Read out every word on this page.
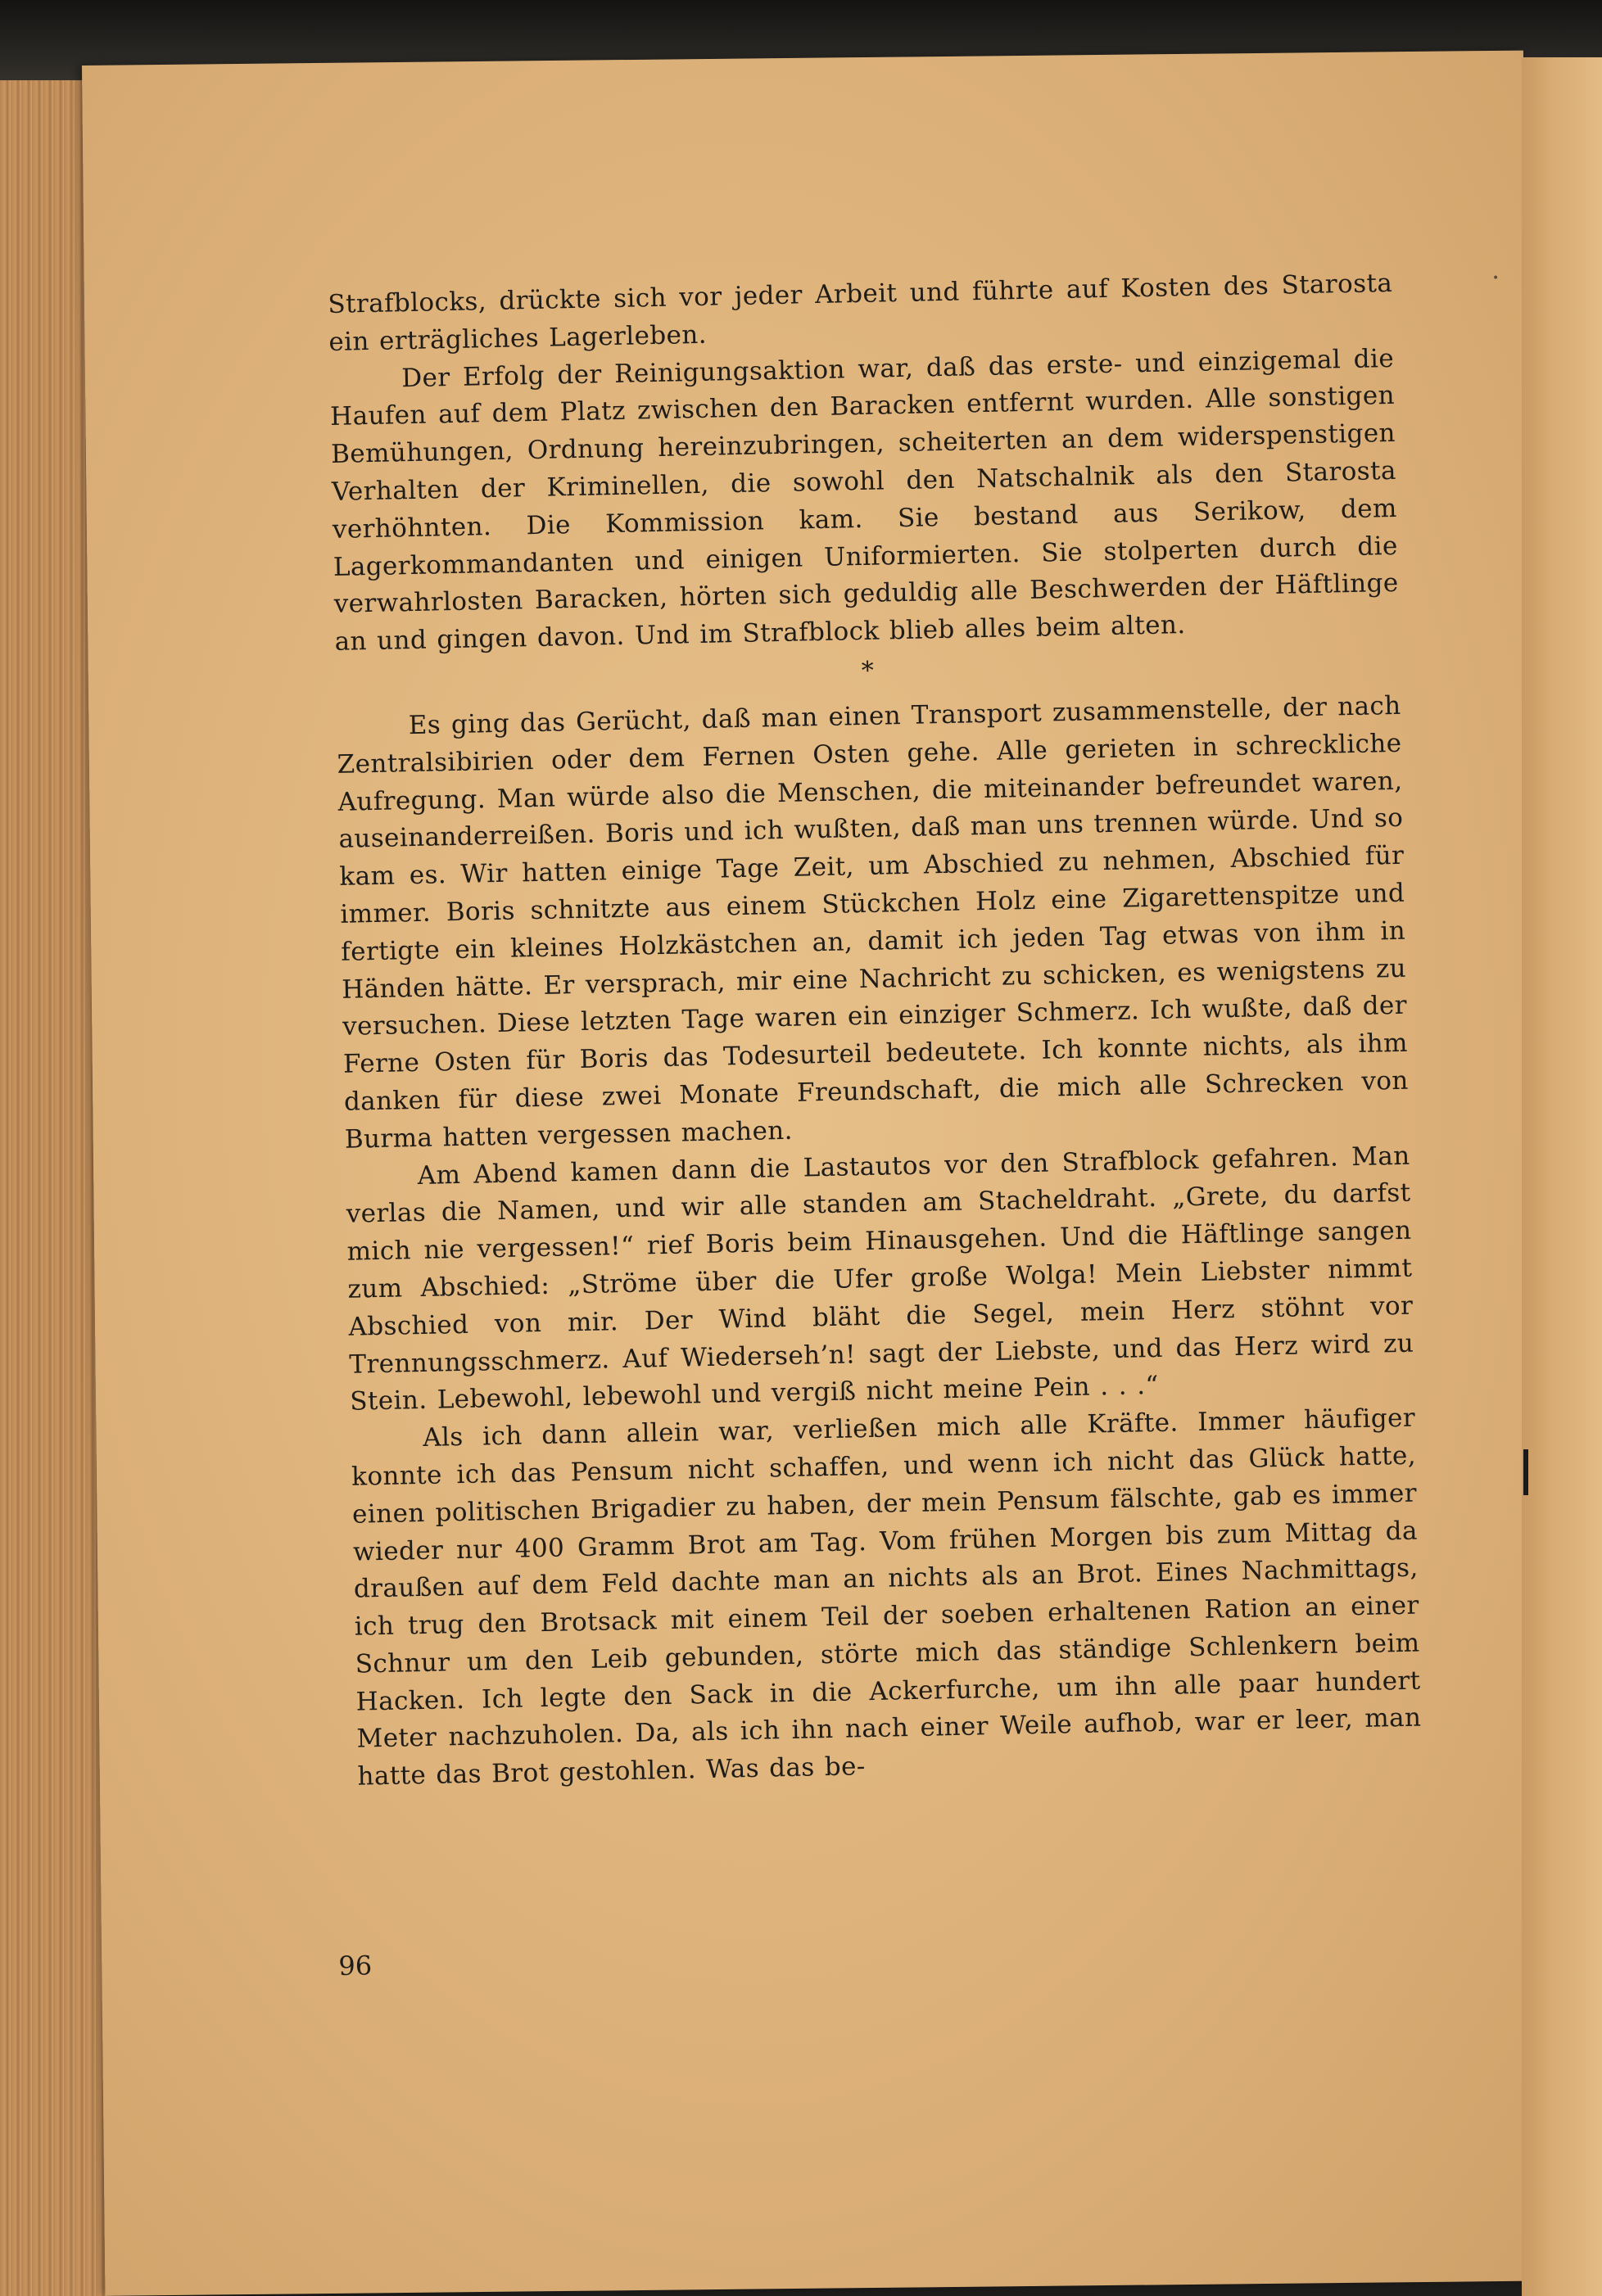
•

Strafblocks, drückte sich vor jeder Arbeit und führte auf Kosten des Starosta ein erträgliches Lagerleben.

Der Erfolg der Reinigungsaktion war, daß das erste- und einzigemal die Haufen auf dem Platz zwischen den Baracken entfernt wurden. Alle sonstigen Bemühungen, Ordnung hereinzubringen, scheiterten an dem widerspenstigen Verhalten der Kriminellen, die sowohl den Natschalnik als den Starosta verhöhnten. Die Kommission kam. Sie bestand aus Serikow, dem Lagerkommandanten und einigen Uniformierten. Sie stolperten durch die verwahrlosten Baracken, hörten sich geduldig alle Beschwerden der Häftlinge an und gingen davon. Und im Strafblock blieb alles beim alten.

*

Es ging das Gerücht, daß man einen Transport zusammenstelle, der nach Zentralsibirien oder dem Fernen Osten gehe. Alle gerieten in schreckliche Aufregung. Man würde also die Menschen, die miteinander befreundet waren, auseinanderreißen. Boris und ich wußten, daß man uns trennen würde. Und so kam es. Wir hatten einige Tage Zeit, um Abschied zu nehmen, Abschied für immer. Boris schnitzte aus einem Stückchen Holz eine Zigarettenspitze und fertigte ein kleines Holzkästchen an, damit ich jeden Tag etwas von ihm in Händen hätte. Er versprach, mir eine Nachricht zu schicken, es wenigstens zu versuchen. Diese letzten Tage waren ein einziger Schmerz. Ich wußte, daß der Ferne Osten für Boris das Todesurteil bedeutete. Ich konnte nichts, als ihm danken für diese zwei Monate Freundschaft, die mich alle Schrecken von Burma hatten vergessen machen.

Am Abend kamen dann die Lastautos vor den Strafblock gefahren. Man verlas die Namen, und wir alle standen am Stacheldraht. „Grete, du darfst mich nie vergessen!“ rief Boris beim Hinausgehen. Und die Häftlinge sangen zum Abschied: „Ströme über die Ufer große Wolga! Mein Liebster nimmt Abschied von mir. Der Wind bläht die Segel, mein Herz stöhnt vor Trennungsschmerz. Auf Wiederseh’n! sagt der Liebste, und das Herz wird zu Stein. Lebewohl, lebewohl und vergiß nicht meine Pein . . .“

Als ich dann allein war, verließen mich alle Kräfte. Immer häufiger konnte ich das Pensum nicht schaffen, und wenn ich nicht das Glück hatte, einen politischen Brigadier zu haben, der mein Pensum fälschte, gab es immer wieder nur 400 Gramm Brot am Tag. Vom frühen Morgen bis zum Mittag da draußen auf dem Feld dachte man an nichts als an Brot. Eines Nachmittags, ich trug den Brotsack mit einem Teil der soeben erhaltenen Ration an einer Schnur um den Leib gebunden, störte mich das ständige Schlenkern beim Hacken. Ich legte den Sack in die Ackerfurche, um ihn alle paar hundert Meter nachzuholen. Da, als ich ihn nach einer Weile aufhob, war er leer, man hatte das Brot gestohlen. Was das be-

96
